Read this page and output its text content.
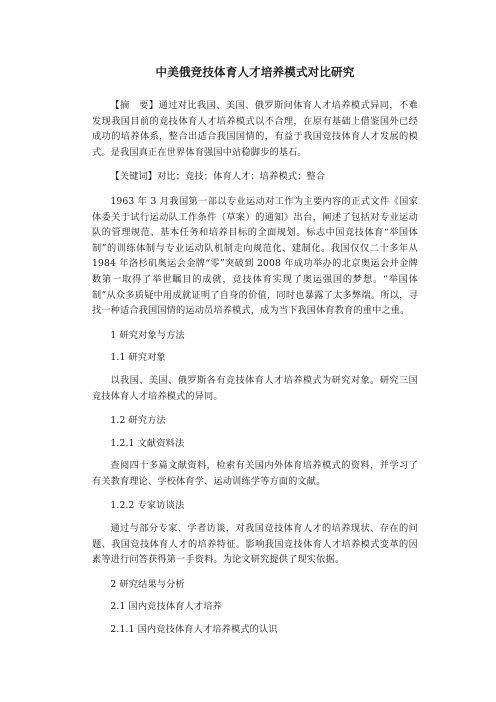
中美俄竞技体育人才培养模式对比研究

【摘　要】通过对比我国、美国、俄罗斯问体育人才培养模式异同，不难发现我国目前的竞技体育人才培养模式以不合理，在原有基础上借鉴国外已经成功的培养体系，整合出适合我国国情的，有益于我国竞技体育人才发展的模式。是我国真正在世界体育强国中站稳脚步的基石。

【关键词】对比；竞技；体育人才；培养模式；整合

1963 年 3 月我国第一部以专业运动对工作为主要内容的正式文件《国家体委关于试行运动队工作条件（草案）的通知》出台，阐述了包括对专业运动队的管理规范、基本任务和培养目标的全面规划。标志中国竞技体育“举国体制”的训练体制与专业运动队机制走向规范化、建制化。我国仅仅二十多年从 1984 年洛杉矶奥运会金牌“零”突破到 2008 年成功举办的北京奥运会并金牌数第一取得了举世瞩目的成就，竞技体育实现了奥运强国的梦想。“举国体制”从众多质疑中用成就证明了自身的价值，同时也暴露了太多弊端。所以，寻找一种适合我国国情的运动员培养模式，成为当下我国体育教育的重中之重。

1 研究对象与方法

1.1 研究对象

以我国、美国、俄罗斯各有竞技体育人才培养模式为研究对象。研究三国竞技体育人才培养模式的异同。

1.2 研究方法

1.2.1 文献资料法

查阅四十多篇文献资料，检索有关国内外体育培养模式的资料，并学习了有关教育理论、学校体育学、运动训练学等方面的文献。

1.2.2 专家访谈法

通过与部分专家、学者访谈，对我国竞技体育人才的培养现状、存在的问题、我国竞技体育人才的培养特征。影响我国竞技体育人才培养模式变革的因素等进行问答获得第一手资料。为论文研究提供了现实依据。

2 研究结果与分析

2.1 国内竞技体育人才培养

2.1.1 国内竞技体育人才培养模式的认识
